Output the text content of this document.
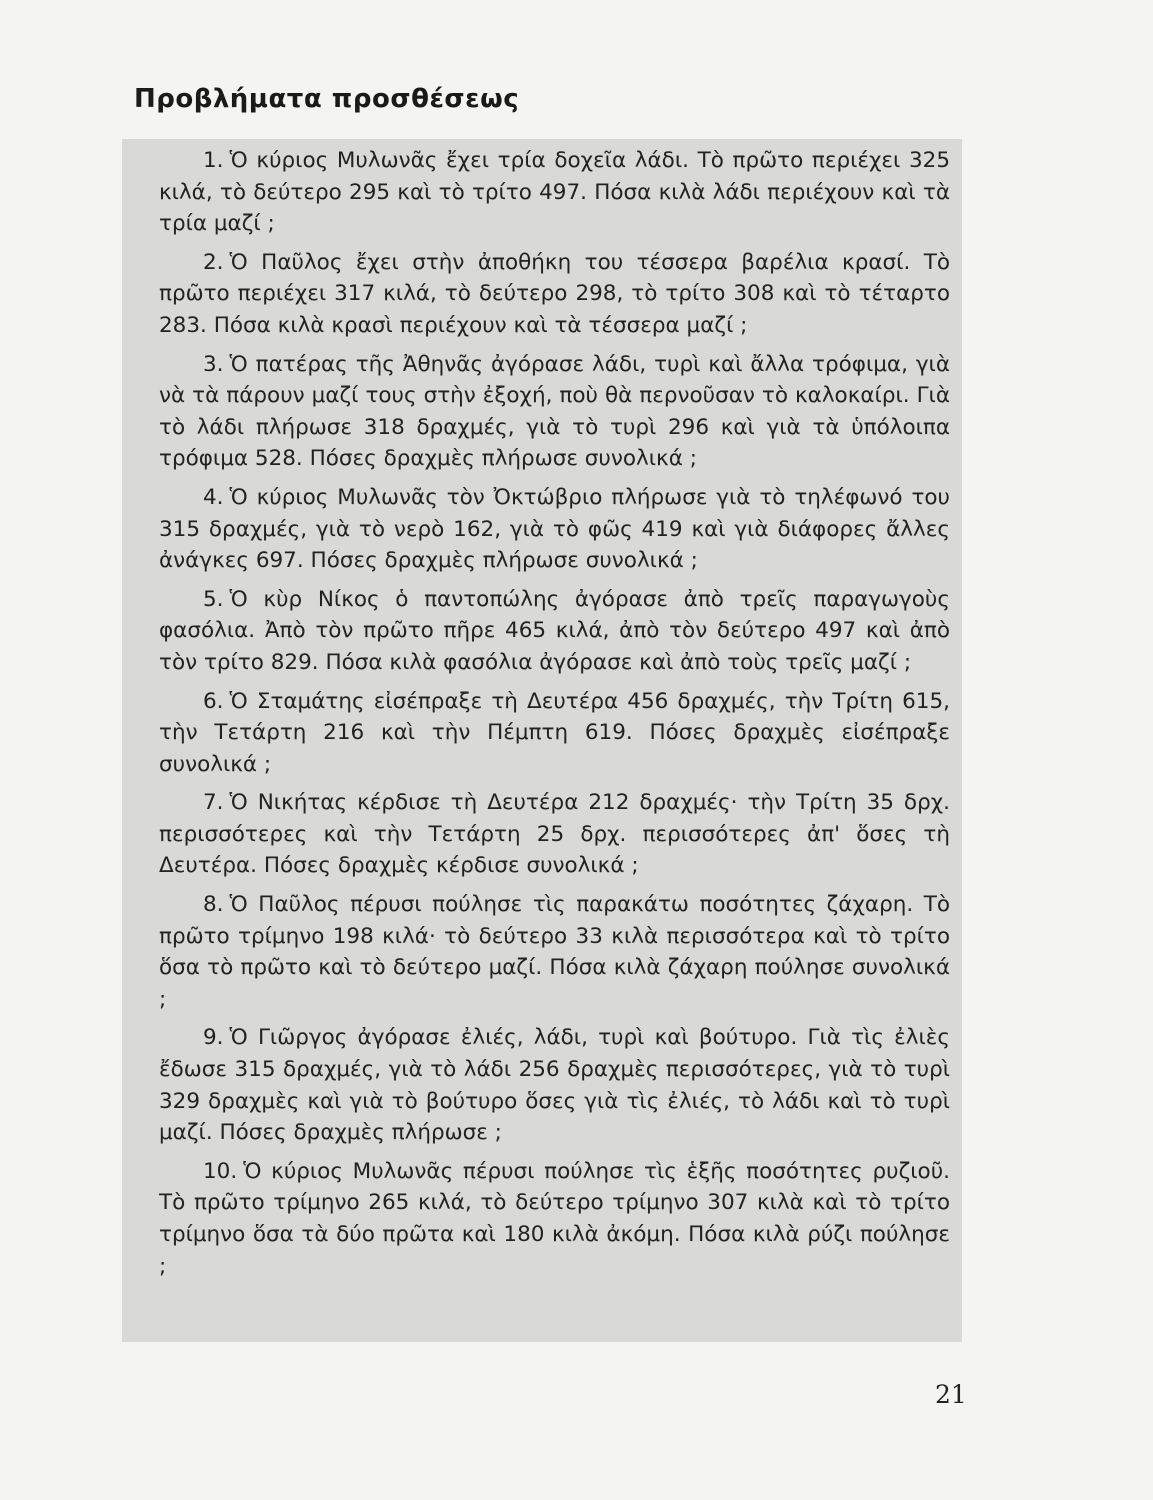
Προβλήματα προσθέσεως

1. Ὁ κύριος Μυλωνᾶς ἔχει τρία δοχεῖα λάδι. Τὸ πρῶτο περιέχει 325 κιλά, τὸ δεύτερο 295 καὶ τὸ τρίτο 497. Πόσα κιλὰ λάδι περιέχουν καὶ τὰ τρία μαζί ;

2. Ὁ Παῦλος ἔχει στὴν ἀποθήκη του τέσσερα βαρέλια κρασί. Τὸ πρῶτο περιέχει 317 κιλά, τὸ δεύτερο 298, τὸ τρίτο 308 καὶ τὸ τέταρτο 283. Πόσα κιλὰ κρασὶ περιέχουν καὶ τὰ τέσσερα μαζί ;

3. Ὁ πατέρας τῆς Ἀθηνᾶς ἀγόρασε λάδι, τυρὶ καὶ ἄλλα τρόφιμα, γιὰ νὰ τὰ πάρουν μαζί τους στὴν ἐξοχή, ποὺ θὰ περνοῦσαν τὸ καλοκαίρι. Γιὰ τὸ λάδι πλήρωσε 318 δραχμές, γιὰ τὸ τυρὶ 296 καὶ γιὰ τὰ ὑπόλοιπα τρόφιμα 528. Πόσες δραχμὲς πλήρωσε συνολικά ;

4. Ὁ κύριος Μυλωνᾶς τὸν Ὀκτώβριο πλήρωσε γιὰ τὸ τηλέφωνό του 315 δραχμές, γιὰ τὸ νερὸ 162, γιὰ τὸ φῶς 419 καὶ γιὰ διάφορες ἄλλες ἀνάγκες 697. Πόσες δραχμὲς πλήρωσε συνολικά ;

5. Ὁ κὺρ Νίκος ὁ παντοπώλης ἀγόρασε ἀπὸ τρεῖς παραγωγοὺς φασόλια. Ἀπὸ τὸν πρῶτο πῆρε 465 κιλά, ἀπὸ τὸν δεύτερο 497 καὶ ἀπὸ τὸν τρίτο 829. Πόσα κιλὰ φασόλια ἀγόρασε καὶ ἀπὸ τοὺς τρεῖς μαζί ;

6. Ὁ Σταμάτης εἰσέπραξε τὴ Δευτέρα 456 δραχμές, τὴν Τρίτη 615, τὴν Τετάρτη 216 καὶ τὴν Πέμπτη 619. Πόσες δραχμὲς εἰσέπραξε συνολικά ;

7. Ὁ Νικήτας κέρδισε τὴ Δευτέρα 212 δραχμές· τὴν Τρίτη 35 δρχ. περισσότερες καὶ τὴν Τετάρτη 25 δρχ. περισσότερες ἀπ' ὅσες τὴ Δευτέρα. Πόσες δραχμὲς κέρδισε συνολικά ;

8. Ὁ Παῦλος πέρυσι πούλησε τὶς παρακάτω ποσότητες ζάχαρη. Τὸ πρῶτο τρίμηνο 198 κιλά· τὸ δεύτερο 33 κιλὰ περισσότερα καὶ τὸ τρίτο ὅσα τὸ πρῶτο καὶ τὸ δεύτερο μαζί. Πόσα κιλὰ ζάχαρη πούλησε συνολικά ;

9. Ὁ Γιῶργος ἀγόρασε ἐλιές, λάδι, τυρὶ καὶ βούτυρο. Γιὰ τὶς ἐλιὲς ἔδωσε 315 δραχμές, γιὰ τὸ λάδι 256 δραχμὲς περισσότερες, γιὰ τὸ τυρὶ 329 δραχμὲς καὶ γιὰ τὸ βούτυρο ὅσες γιὰ τὶς ἐλιές, τὸ λάδι καὶ τὸ τυρὶ μαζί. Πόσες δραχμὲς πλήρωσε ;

10. Ὁ κύριος Μυλωνᾶς πέρυσι πούλησε τὶς ἑξῆς ποσότητες ρυζιοῦ. Τὸ πρῶτο τρίμηνο 265 κιλά, τὸ δεύτερο τρίμηνο 307 κιλὰ καὶ τὸ τρίτο τρίμηνο ὅσα τὰ δύο πρῶτα καὶ 180 κιλὰ ἀκόμη. Πόσα κιλὰ ρύζι πούλησε ;

21
